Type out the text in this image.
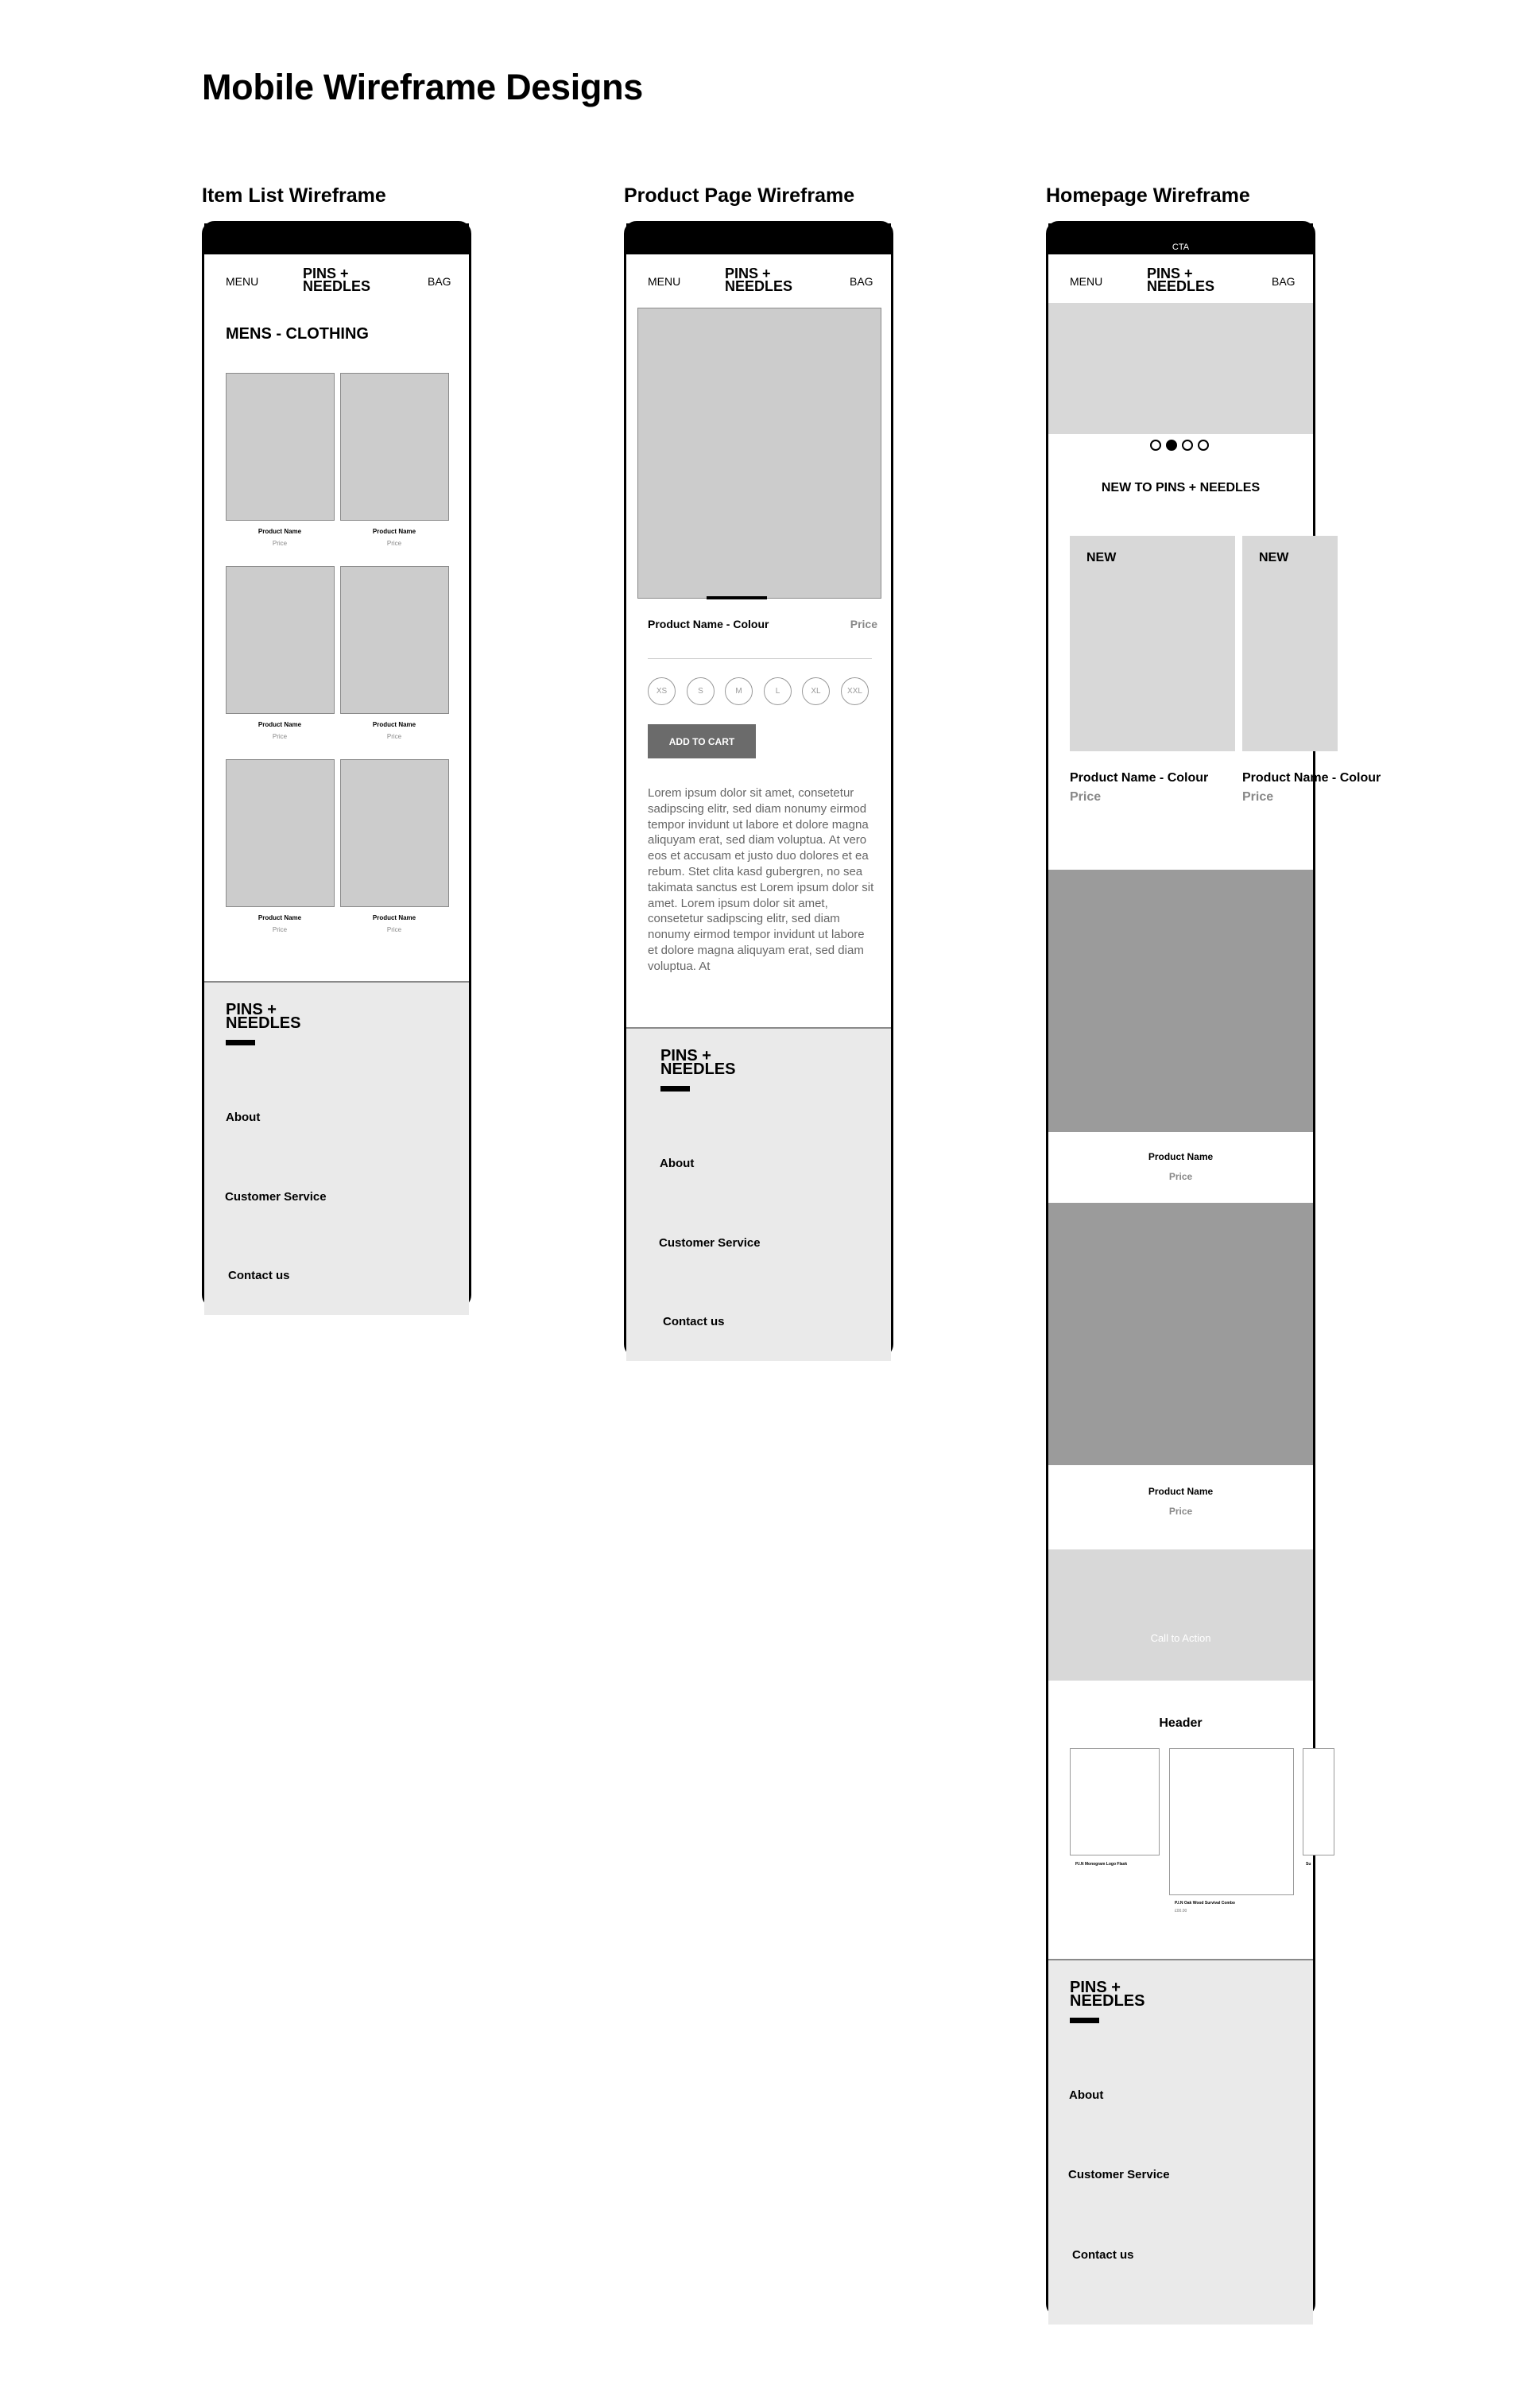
Mobile Wireframe Designs
Item List Wireframe
MENU	PINS +
NEEDLES	BAG
MENS - CLOTHING
Product Name
Price
Product Name
Price
Product Name
Price
Product Name
Price
Product Name
Price
Product Name
Price
PINS +
NEEDLES
About
Customer Service
Contact us
Product Page Wireframe
MENU	PINS +
NEEDLES	BAG
Product Name - Colour	Price
XS	S	M	L	XL	XXL
ADD TO CART
Lorem ipsum dolor sit amet, consetetur sadipscing elitr, sed diam nonumy eirmod tempor invidunt ut labore et dolore magna aliquyam erat, sed diam voluptua. At vero eos et accusam et justo duo dolores et ea rebum. Stet clita kasd gubergren, no sea takimata sanctus est Lorem ipsum dolor sit amet. Lorem ipsum dolor sit amet, consetetur sadipscing elitr, sed diam nonumy eirmod tempor invidunt ut labore et dolore magna aliquyam erat, sed diam voluptua. At
PINS +
NEEDLES
About
Customer Service
Contact us
Homepage Wireframe
CTA
MENU	PINS +
NEEDLES	BAG
NEW TO PINS + NEEDLES
NEW
Product Name - Colour
Price
NEW
Product Name - Colour
Price
Product Name
Price
Product Name
Price
Call to Action
Header
P.I.N Monogram Logo Flask
P.I.N Oak Wood Survival Combo
£00.00
Su
PINS +
NEEDLES
About
Customer Service
Contact us
